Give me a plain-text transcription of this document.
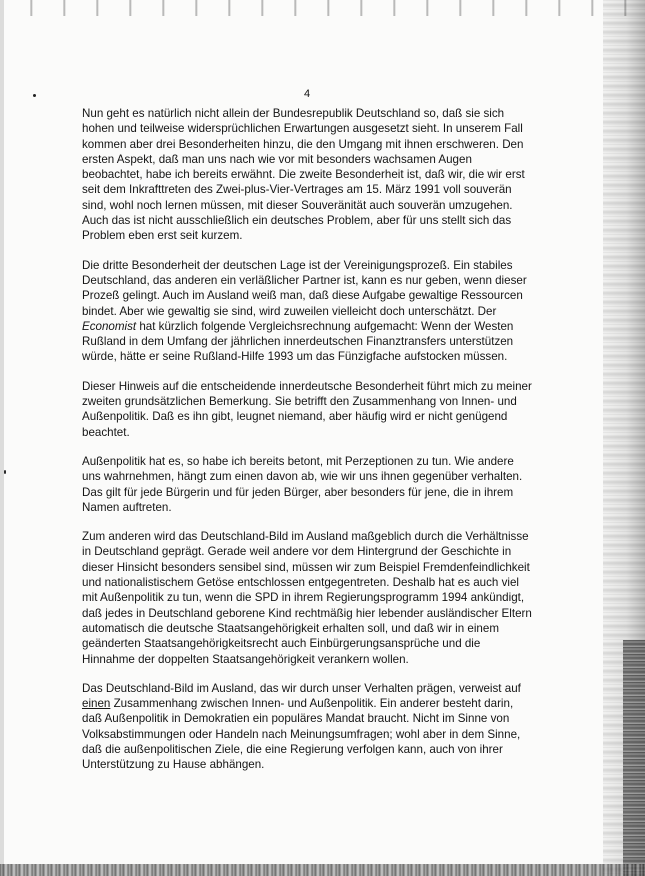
4

Nun geht es natürlich nicht allein der Bundesrepublik Deutschland so, daß sie sich hohen und teilweise widersprüchlichen Erwartungen ausgesetzt sieht. In unserem Fall kommen aber drei Besonderheiten hinzu, die den Umgang mit ihnen erschweren. Den ersten Aspekt, daß man uns nach wie vor mit besonders wachsamen Augen beobachtet, habe ich bereits erwähnt. Die zweite Besonderheit ist, daß wir, die wir erst seit dem Inkrafttreten des Zwei-plus-Vier-Vertrages am 15. März 1991 voll souverän sind, wohl noch lernen müssen, mit dieser Souveränität auch souverän umzugehen. Auch das ist nicht ausschließlich ein deutsches Problem, aber für uns stellt sich das Problem eben erst seit kurzem.

Die dritte Besonderheit der deutschen Lage ist der Vereinigungsprozeß. Ein stabiles Deutschland, das anderen ein verläßlicher Partner ist, kann es nur geben, wenn dieser Prozeß gelingt. Auch im Ausland weiß man, daß diese Aufgabe gewaltige Ressourcen bindet. Aber wie gewaltig sie sind, wird zuweilen vielleicht doch unterschätzt. Der Economist hat kürzlich folgende Vergleichsrechnung aufgemacht: Wenn der Westen Rußland in dem Umfang der jährlichen innerdeutschen Finanztransfers unterstützen würde, hätte er seine Rußland-Hilfe 1993 um das Fünzigfache aufstocken müssen.

Dieser Hinweis auf die entscheidende innerdeutsche Besonderheit führt mich zu meiner zweiten grundsätzlichen Bemerkung. Sie betrifft den Zusammenhang von Innen- und Außenpolitik. Daß es ihn gibt, leugnet niemand, aber häufig wird er nicht genügend beachtet.

Außenpolitik hat es, so habe ich bereits betont, mit Perzeptionen zu tun. Wie andere uns wahrnehmen, hängt zum einen davon ab, wie wir uns ihnen gegenüber verhalten. Das gilt für jede Bürgerin und für jeden Bürger, aber besonders für jene, die in ihrem Namen auftreten.

Zum anderen wird das Deutschland-Bild im Ausland maßgeblich durch die Verhältnisse in Deutschland geprägt. Gerade weil andere vor dem Hintergrund der Geschichte in dieser Hinsicht besonders sensibel sind, müssen wir zum Beispiel Fremdenfeindlichkeit und nationalistischem Getöse entschlossen entgegentreten. Deshalb hat es auch viel mit Außenpolitik zu tun, wenn die SPD in ihrem Regierungsprogramm 1994 ankündigt, daß jedes in Deutschland geborene Kind rechtmäßig hier lebender ausländischer Eltern automatisch die deutsche Staatsangehörigkeit erhalten soll, und daß wir in einem geänderten Staatsangehörigkeitsrecht auch Einbürgerungsansprüche und die Hinnahme der doppelten Staatsangehörigkeit verankern wollen.

Das Deutschland-Bild im Ausland, das wir durch unser Verhalten prägen, verweist auf einen Zusammenhang zwischen Innen- und Außenpolitik. Ein anderer besteht darin, daß Außenpolitik in Demokratien ein populäres Mandat braucht. Nicht im Sinne von Volksabstimmungen oder Handeln nach Meinungsumfragen; wohl aber in dem Sinne, daß die außenpolitischen Ziele, die eine Regierung verfolgen kann, auch von ihrer Unterstützung zu Hause abhängen.
